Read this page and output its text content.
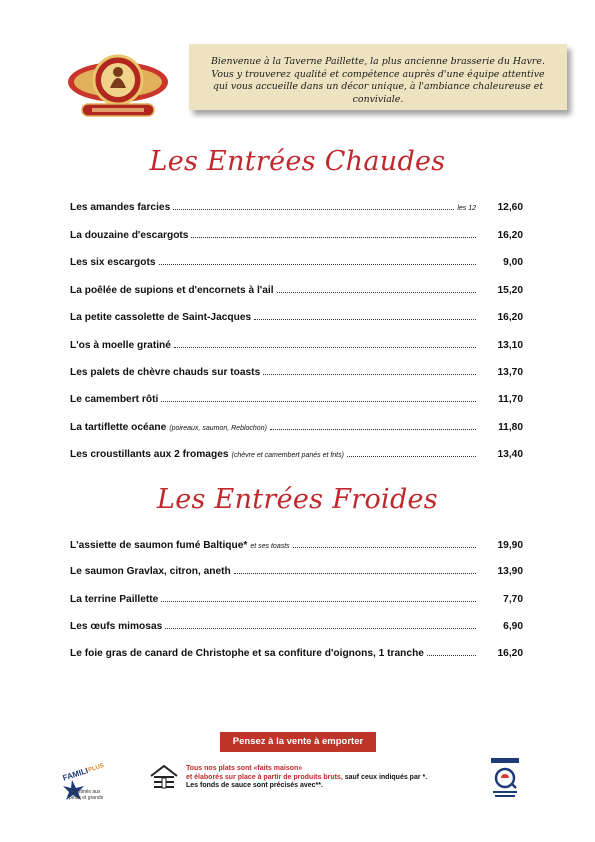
Bienvenue à la Taverne Paillette, la plus ancienne brasserie du Havre.
Vous y trouverez qualité et compétence auprès d'une équipe attentive
qui vous accueille dans un décor unique, à l'ambiance chaleureuse et conviviale.

Les Entrées Chaudes
Les amandes farcies	les 12	12,60
La douzaine d'escargots	16,20
Les six escargots	9,00
La poêlée de supions et d'encornets à l'ail	15,20
La petite cassolette de Saint-Jacques	16,20
L'os à moelle gratiné	13,10
Les palets de chèvre chauds sur toasts	13,70
Le camembert rôti	11,70
La tartiflette océane (poireaux, saumon, Reblochon)	11,80
Les croustillants aux 2 fromages (chèvre et camembert panés et frits)	13,40
Les Entrées Froides
L'assiette de saumon fumé Baltique* et ses toasts	19,90
Le saumon Gravlax, citron, aneth	13,90
La terrine Paillette	7,70
Les œufs mimosas	6,90
Le foie gras de canard de Christophe et sa confiture d'oignons, 1 tranche	16,20
Pensez à la vente à emporter
FAMILI
PLUS
Destinés aux
petits et grands
Tous nos plats sont «faits maison»
et élaborés sur place à partir de produits bruts, sauf ceux indiqués par *.
Les fonds de sauce sont précisés avec**.
